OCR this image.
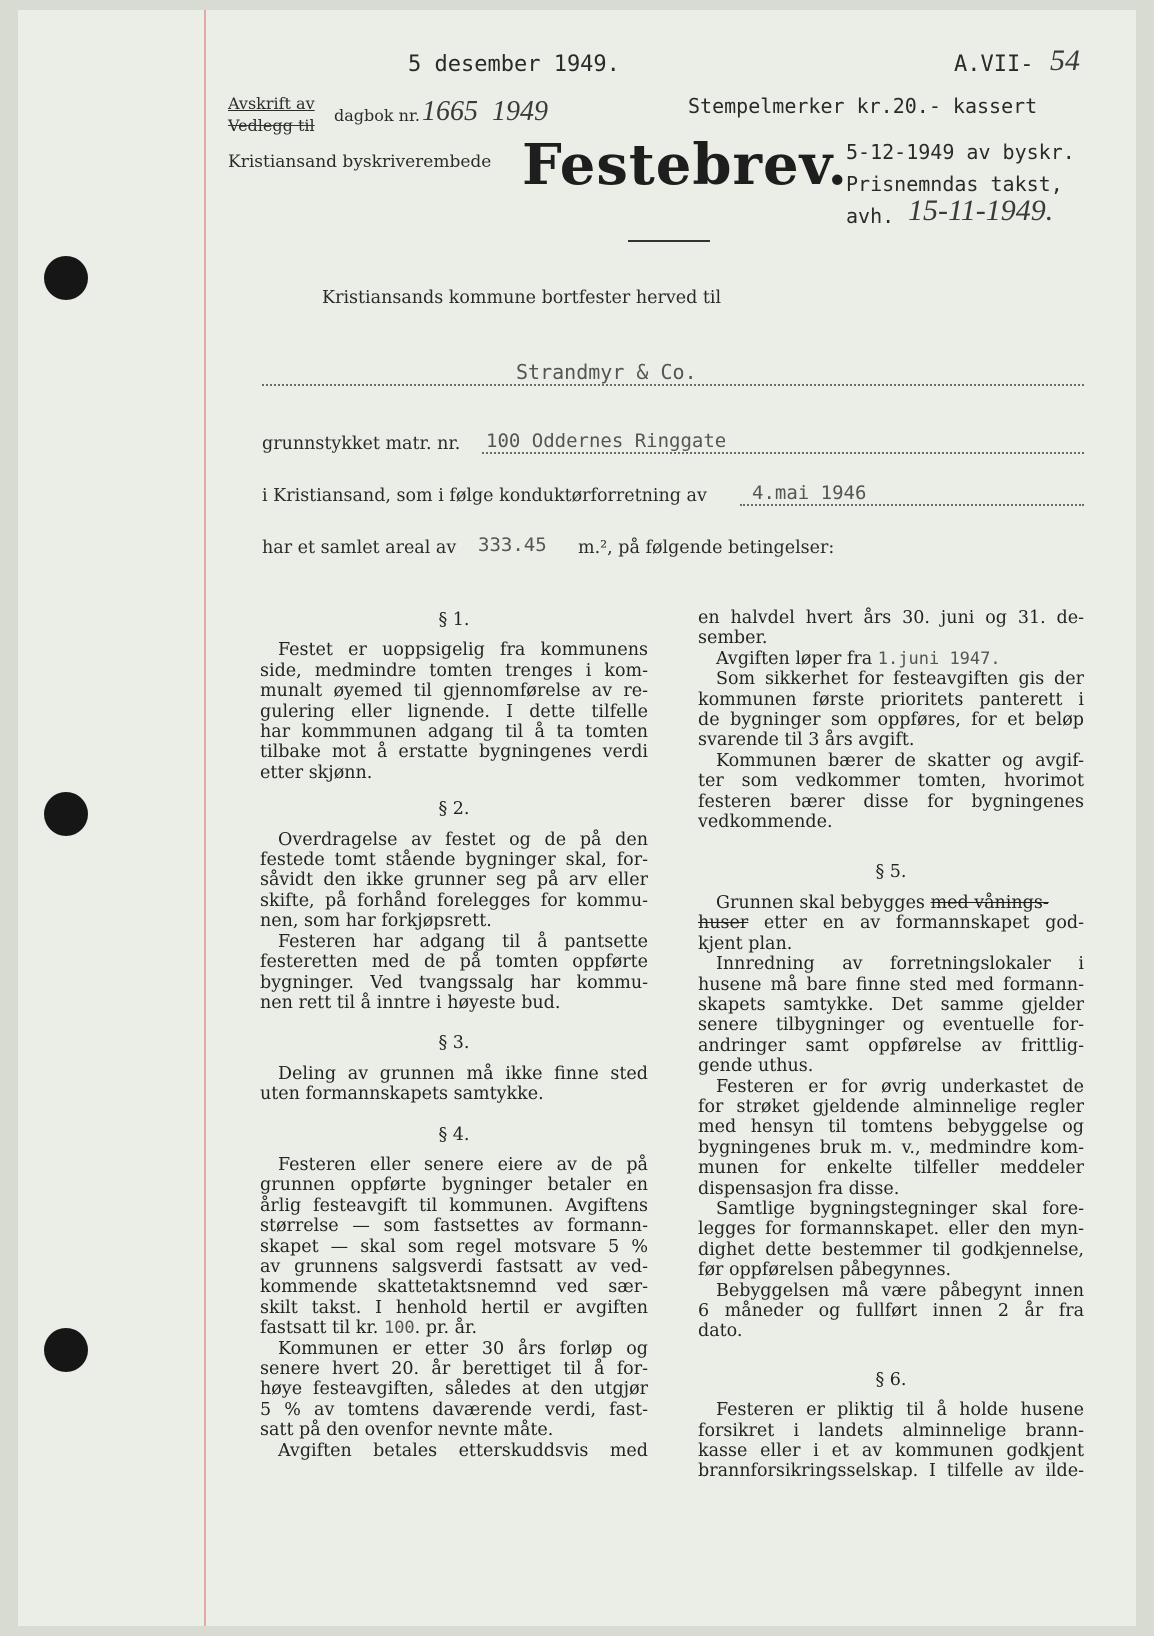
5 desember 1949.	A.VII- 54
Avskrift av
Vedlegg til
dagbok nr. 1665 1949
Kristiansand byskriverembede Festebrev.
Stempelmerker kr.20.- kassert
5-12-1949 av byskr.
Prisnemndas takst,
avh. 15-11-1949.
Kristiansands kommune bortfester herved til
Strandmyr & Co.
grunnstykket matr. nr. 100 Oddernes Ringgate
i Kristiansand, som i følge konduktørforretning av 4.mai 1946
har et samlet areal av 333.45 m.², på følgende betingelser:
§ 1.
Festet er uoppsigelig fra kommunens
side, medmindre tomten trenges i kom-
munalt øyemed til gjennomførelse av re-
gulering eller lignende. I dette tilfelle
har kommmunen adgang til å ta tomten
tilbake mot å erstatte bygningenes verdi
etter skjønn.
§ 2.
Overdragelse av festet og de på den
festede tomt stående bygninger skal, for-
såvidt den ikke grunner seg på arv eller
skifte, på forhånd forelegges for kommu-
nen, som har forkjøpsrett.
Festeren har adgang til å pantsette
festeretten med de på tomten oppførte
bygninger. Ved tvangssalg har kommu-
nen rett til å inntre i høyeste bud.
§ 3.
Deling av grunnen må ikke finne sted
uten formannskapets samtykke.
§ 4.
Festeren eller senere eiere av de på
grunnen oppførte bygninger betaler en
årlig festeavgift til kommunen. Avgiftens
størrelse — som fastsettes av formann-
skapet — skal som regel motsvare 5 %
av grunnens salgsverdi fastsatt av ved-
kommende skattetaktsnemnd ved sær-
skilt takst. I henhold hertil er avgiften
fastsatt til kr. 100. pr. år.
Kommunen er etter 30 års forløp og
senere hvert 20. år berettiget til å for-
høye festeavgiften, således at den utgjør
5 % av tomtens daværende verdi, fast-
satt på den ovenfor nevnte måte.
Avgiften betales etterskuddsvis med
en halvdel hvert års 30. juni og 31. de-
sember.
Avgiften løper fra 1.juni 1947.
Som sikkerhet for festeavgiften gis der
kommunen første prioritets panterett i
de bygninger som oppføres, for et beløp
svarende til 3 års avgift.
Kommunen bærer de skatter og avgif-
ter som vedkommer tomten, hvorimot
festeren bærer disse for bygningenes
vedkommende.
§ 5.
Grunnen skal bebygges med vånings-
huser etter en av formannskapet god-
kjent plan.
Innredning av forretningslokaler i
husene må bare finne sted med formann-
skapets samtykke. Det samme gjelder
senere tilbygninger og eventuelle for-
andringer samt oppførelse av frittlig-
gende uthus.
Festeren er for øvrig underkastet de
for strøket gjeldende alminnelige regler
med hensyn til tomtens bebyggelse og
bygningenes bruk m. v., medmindre kom-
munen for enkelte tilfeller meddeler
dispensasjon fra disse.
Samtlige bygningstegninger skal fore-
legges for formannskapet. eller den myn-
dighet dette bestemmer til godkjennelse,
før oppførelsen påbegynnes.
Bebyggelsen må være påbegynt innen
6 måneder og fullført innen 2 år fra
dato.
§ 6.
Festeren er pliktig til å holde husene
forsikret i landets alminnelige brann-
kasse eller i et av kommunen godkjent
brannforsikringsselskap. I tilfelle av ilde-
